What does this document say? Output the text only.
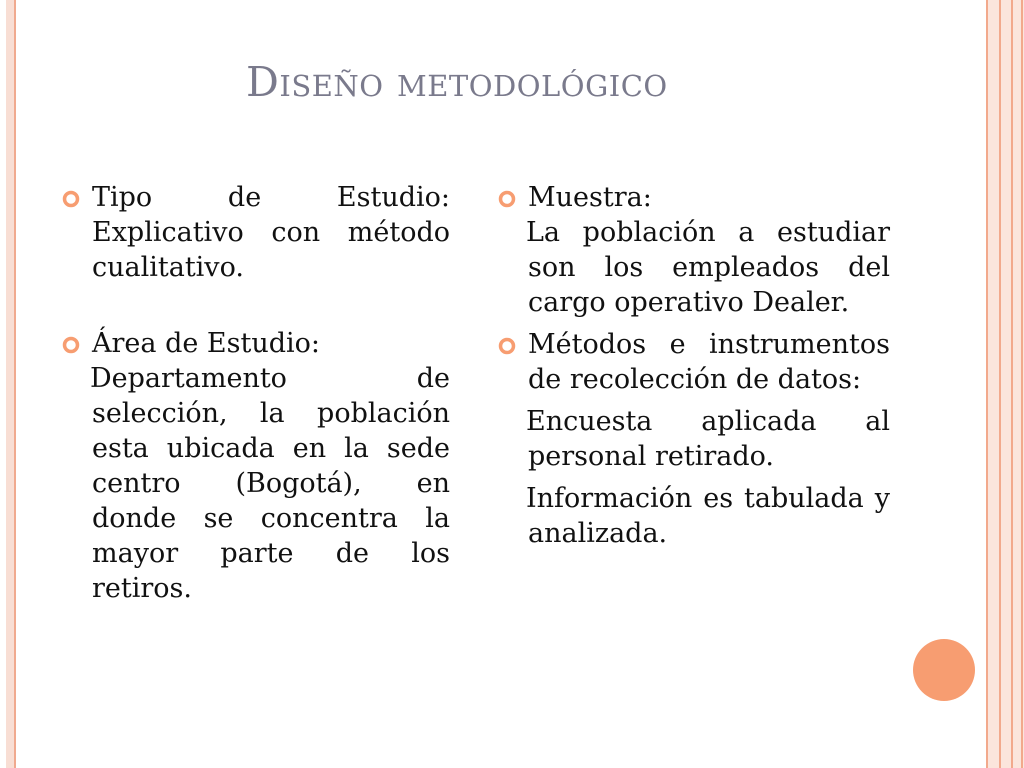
Diseño metodológico
Tipo de Estudio: Explicativo con método cualitativo.
Área de Estudio:
Departamento de selección, la población esta ubicada en la sede centro (Bogotá), en donde se concentra la mayor parte de los retiros.
Muestra:
La población a estudiar son los empleados del cargo operativo Dealer.
Métodos e instrumentos de recolección de datos:
Encuesta aplicada al personal retirado.
Información es tabulada y analizada.
